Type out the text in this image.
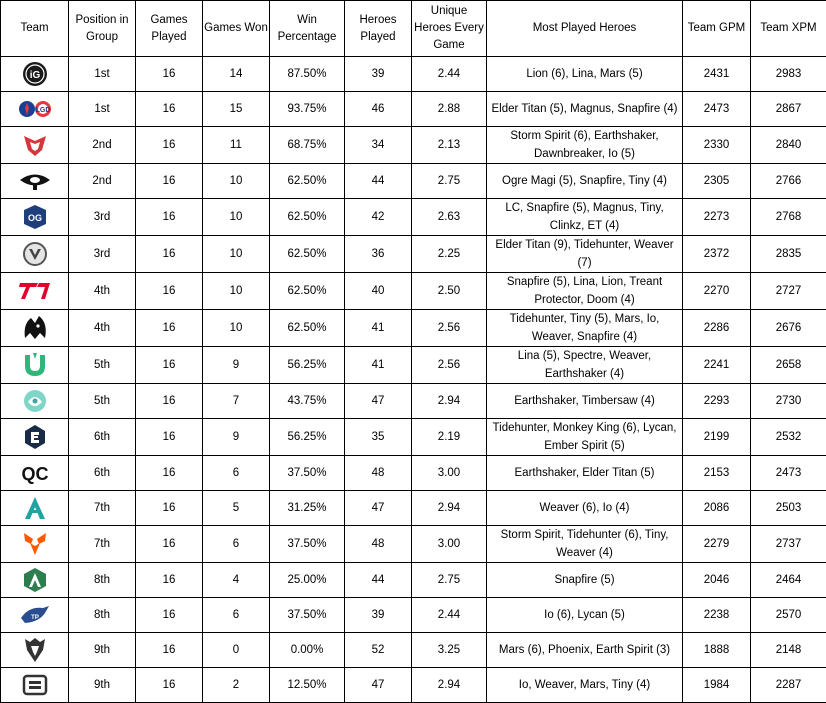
Team	Position in Group	Games Played	Games Won	Win Percentage	Heroes Played	Unique Heroes Every Game	Most Played Heroes	Team GPM	Team XPM

iG	1st	16	14	87.50%	39	2.44	Lion (6), Lina, Mars (5)	2431	2983

LGD	1st	16	15	93.75%	46	2.88	Elder Titan (5), Magnus, Snapfire (4)	2473	2867

	2nd	16	11	68.75%	34	2.13	Storm Spirit (6), Earthshaker, Dawnbreaker, Io (5)	2330	2840

	2nd	16	10	62.50%	44	2.75	Ogre Magi (5), Snapfire, Tiny (4)	2305	2766

OG	3rd	16	10	62.50%	42	2.63	LC, Snapfire (5), Magnus, Tiny, Clinkz, ET (4)	2273	2768

	3rd	16	10	62.50%	36	2.25	Elder Titan (9), Tidehunter, Weaver (7)	2372	2835

	4th	16	10	62.50%	40	2.50	Snapfire (5), Lina, Lion, Treant Protector, Doom (4)	2270	2727

	4th	16	10	62.50%	41	2.56	Tidehunter, Tiny (5), Mars, Io, Weaver, Snapfire (4)	2286	2676

	5th	16	9	56.25%	41	2.56	Lina (5), Spectre, Weaver, Earthshaker (4)	2241	2658

	5th	16	7	43.75%	47	2.94	Earthshaker, Timbersaw (4)	2293	2730

	6th	16	9	56.25%	35	2.19	Tidehunter, Monkey King (6), Lycan, Ember Spirit (5)	2199	2532

QC	6th	16	6	37.50%	48	3.00	Earthshaker, Elder Titan (5)	2153	2473

	7th	16	5	31.25%	47	2.94	Weaver (6), Io (4)	2086	2503

	7th	16	6	37.50%	48	3.00	Storm Spirit, Tidehunter (6), Tiny, Weaver (4)	2279	2737

	8th	16	4	25.00%	44	2.75	Snapfire (5)	2046	2464

TP	8th	16	6	37.50%	39	2.44	Io (6), Lycan (5)	2238	2570

	9th	16	0	0.00%	52	3.25	Mars (6), Phoenix, Earth Spirit (3)	1888	2148

	9th	16	2	12.50%	47	2.94	Io, Weaver, Mars, Tiny (4)	1984	2287
